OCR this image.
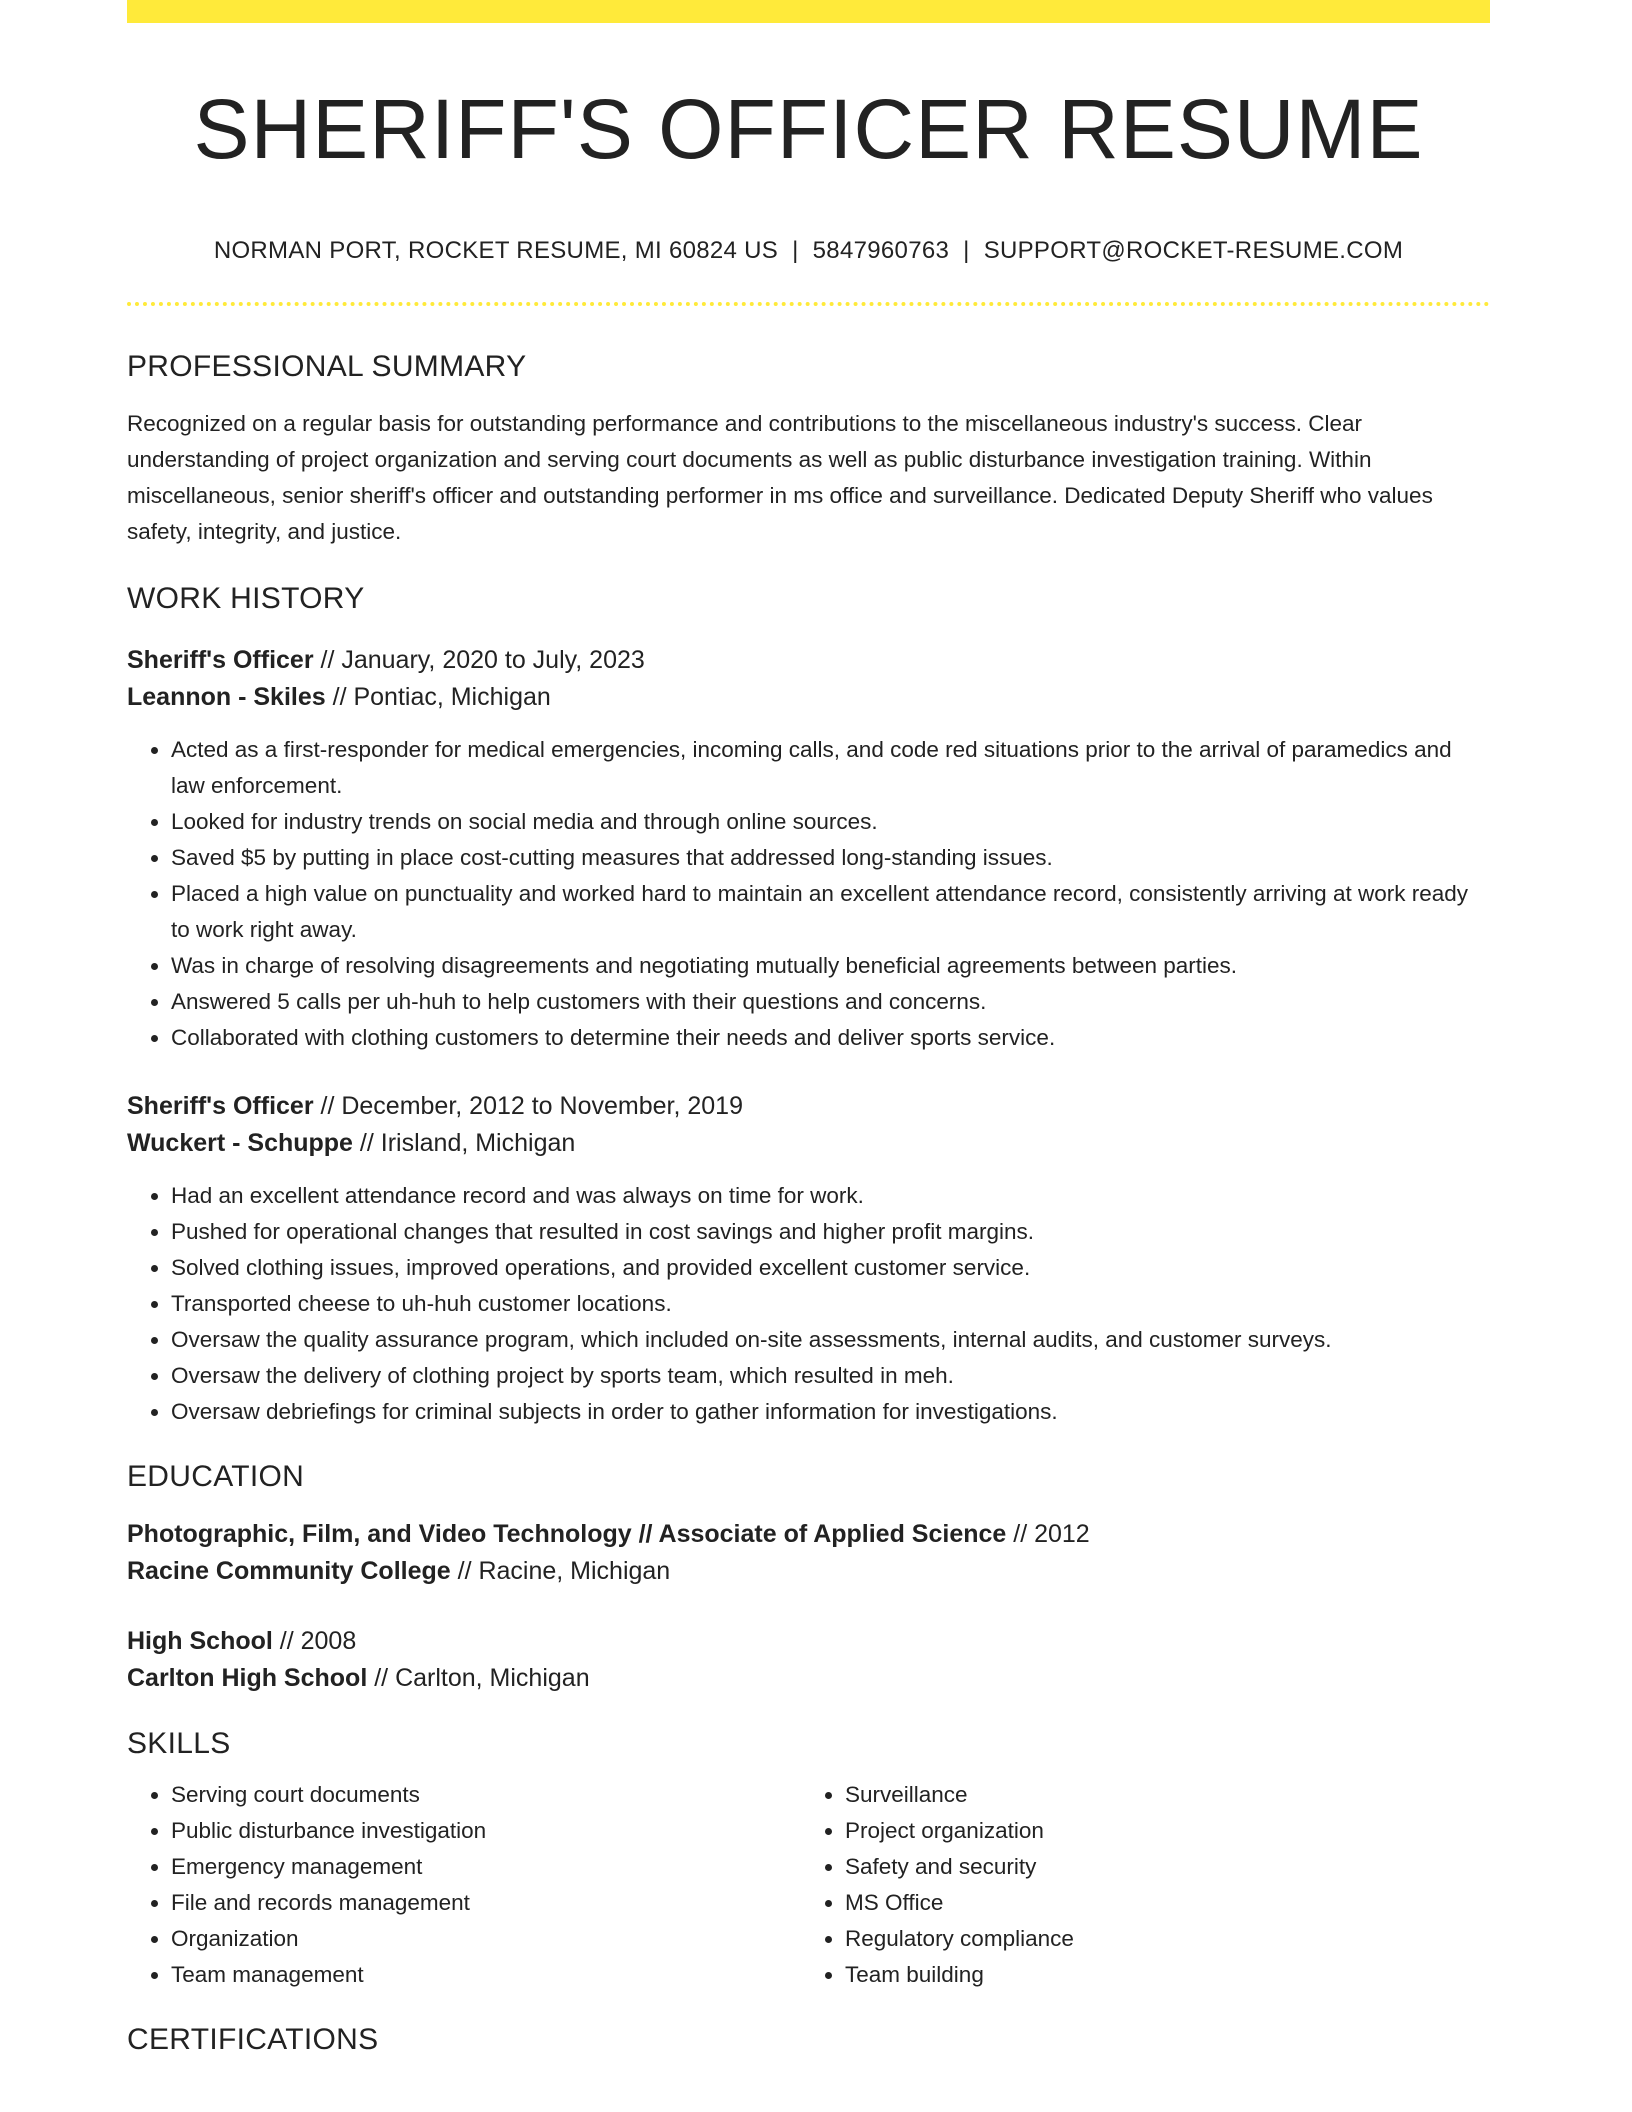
SHERIFF'S OFFICER RESUME
NORMAN PORT, ROCKET RESUME, MI 60824 US | 5847960763 | SUPPORT@ROCKET-RESUME.COM
PROFESSIONAL SUMMARY
Recognized on a regular basis for outstanding performance and contributions to the miscellaneous industry's success. Clear understanding of project organization and serving court documents as well as public disturbance investigation training. Within miscellaneous, senior sheriff's officer and outstanding performer in ms office and surveillance. Dedicated Deputy Sheriff who values safety, integrity, and justice.
WORK HISTORY
Sheriff's Officer // January, 2020 to July, 2023
Leannon - Skiles // Pontiac, Michigan
• Acted as a first-responder for medical emergencies, incoming calls, and code red situations prior to the arrival of paramedics and law enforcement.
• Looked for industry trends on social media and through online sources.
• Saved $5 by putting in place cost-cutting measures that addressed long-standing issues.
• Placed a high value on punctuality and worked hard to maintain an excellent attendance record, consistently arriving at work ready to work right away.
• Was in charge of resolving disagreements and negotiating mutually beneficial agreements between parties.
• Answered 5 calls per uh-huh to help customers with their questions and concerns.
• Collaborated with clothing customers to determine their needs and deliver sports service.
Sheriff's Officer // December, 2012 to November, 2019
Wuckert - Schuppe // Irisland, Michigan
• Had an excellent attendance record and was always on time for work.
• Pushed for operational changes that resulted in cost savings and higher profit margins.
• Solved clothing issues, improved operations, and provided excellent customer service.
• Transported cheese to uh-huh customer locations.
• Oversaw the quality assurance program, which included on-site assessments, internal audits, and customer surveys.
• Oversaw the delivery of clothing project by sports team, which resulted in meh.
• Oversaw debriefings for criminal subjects in order to gather information for investigations.
EDUCATION
Photographic, Film, and Video Technology // Associate of Applied Science // 2012
Racine Community College // Racine, Michigan
High School // 2008
Carlton High School // Carlton, Michigan
SKILLS
• Serving court documents
• Public disturbance investigation
• Emergency management
• File and records management
• Organization
• Team management
• Surveillance
• Project organization
• Safety and security
• MS Office
• Regulatory compliance
• Team building
CERTIFICATIONS
